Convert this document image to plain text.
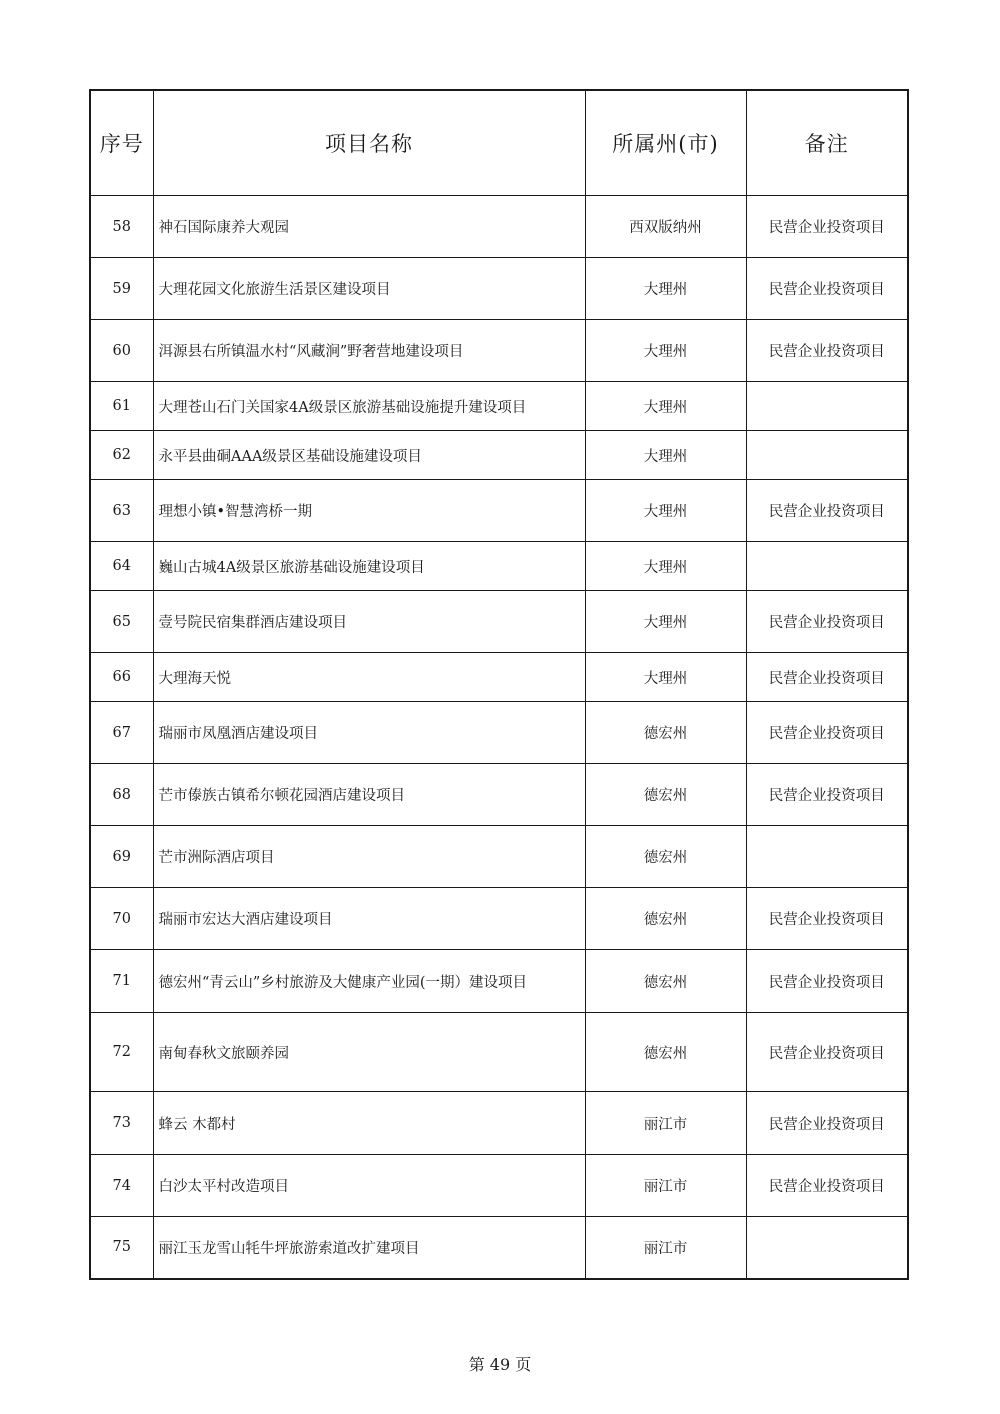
序号	项目名称	所属州(市)	备注
58	神石国际康养大观园	西双版纳州	民营企业投资项目
59	大理花园文化旅游生活景区建设项目	大理州	民营企业投资项目
60	洱源县右所镇温水村“风藏涧”野奢营地建设项目	大理州	民营企业投资项目
61	大理苍山石门关国家4A级景区旅游基础设施提升建设项目	大理州	
62	永平县曲硐AAA级景区基础设施建设项目	大理州	
63	理想小镇•智慧湾桥一期	大理州	民营企业投资项目
64	巍山古城4A级景区旅游基础设施建设项目	大理州	
65	壹号院民宿集群酒店建设项目	大理州	民营企业投资项目
66	大理海天悦	大理州	民营企业投资项目
67	瑞丽市凤凰酒店建设项目	德宏州	民营企业投资项目
68	芒市傣族古镇希尔顿花园酒店建设项目	德宏州	民营企业投资项目
69	芒市洲际酒店项目	德宏州	
70	瑞丽市宏达大酒店建设项目	德宏州	民营企业投资项目
71	德宏州“青云山”乡村旅游及大健康产业园(一期）建设项目	德宏州	民营企业投资项目
72	南甸春秋文旅颐养园	德宏州	民营企业投资项目
73	蜂云 木都村	丽江市	民营企业投资项目
74	白沙太平村改造项目	丽江市	民营企业投资项目
75	丽江玉龙雪山牦牛坪旅游索道改扩建项目	丽江市	
第 49 页
